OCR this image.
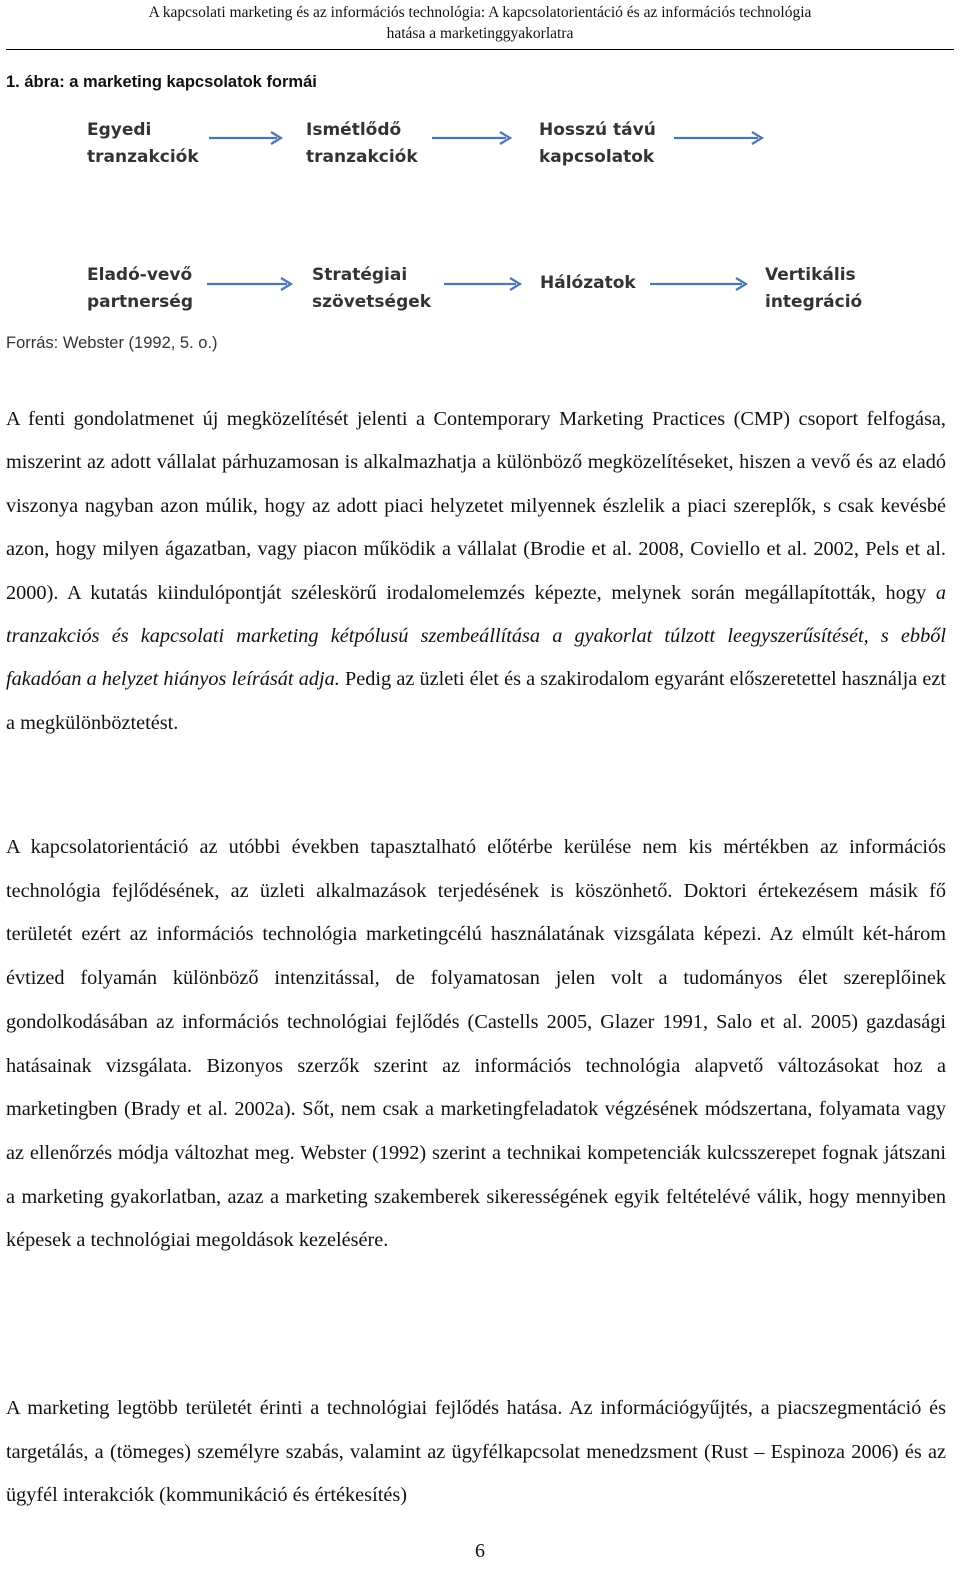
A kapcsolati marketing és az információs technológia: A kapcsolatorientáció és az információs technológia
hatása a marketinggyakorlatra
1. ábra: a marketing kapcsolatok formái
Egyedi
tranzakciók
Ismétlődő
tranzakciók
Hosszú távú
kapcsolatok
Eladó-vevő
partnerség
Stratégiai
szövetségek
Hálózatok	Vertikális
integráció
Forrás: Webster (1992, 5. o.)

A fenti gondolatmenet új megközelítését jelenti a Contemporary Marketing Practices (CMP) csoport felfogása, miszerint az adott vállalat párhuzamosan is alkalmazhatja a különböző megközelítéseket, hiszen a vevő és az eladó viszonya nagyban azon múlik, hogy az adott piaci helyzetet milyennek észlelik a piaci szereplők, s csak kevésbé azon, hogy milyen ágazatban, vagy piacon működik a vállalat (Brodie et al. 2008, Coviello et al. 2002, Pels et al. 2000). A kutatás kiindulópontját széleskörű irodalomelemzés képezte, melynek során megállapították, hogy a tranzakciós és kapcsolati marketing kétpólusú szembeállítása a gyakorlat túlzott leegyszerűsítését, s ebből fakadóan a helyzet hiányos leírását adja. Pedig az üzleti élet és a szakirodalom egyaránt előszeretettel használja ezt a megkülönböztetést.

A kapcsolatorientáció az utóbbi években tapasztalható előtérbe kerülése nem kis mértékben az információs technológia fejlődésének, az üzleti alkalmazások terjedésének is köszönhető. Doktori értekezésem másik fő területét ezért az információs technológia marketingcélú használatának vizsgálata képezi. Az elmúlt két-három évtized folyamán különböző intenzitással, de folyamatosan jelen volt a tudományos élet szereplőinek gondolkodásában az információs technológiai fejlődés (Castells 2005, Glazer 1991, Salo et al. 2005) gazdasági hatásainak vizsgálata. Bizonyos szerzők szerint az információs technológia alapvető változásokat hoz a marketingben (Brady et al. 2002a). Sőt, nem csak a marketingfeladatok végzésének módszertana, folyamata vagy az ellenőrzés módja változhat meg. Webster (1992) szerint a technikai kompetenciák kulcsszerepet fognak játszani a marketing gyakorlatban, azaz a marketing szakemberek sikerességének egyik feltételévé válik, hogy mennyiben képesek a technológiai megoldások kezelésére.

A marketing legtöbb területét érinti a technológiai fejlődés hatása. Az információgyűjtés, a piacszegmentáció és targetálás, a (tömeges) személyre szabás, valamint az ügyfélkapcsolat menedzsment (Rust – Espinoza 2006) és az ügyfél interakciók (kommunikáció és értékesítés)

6
